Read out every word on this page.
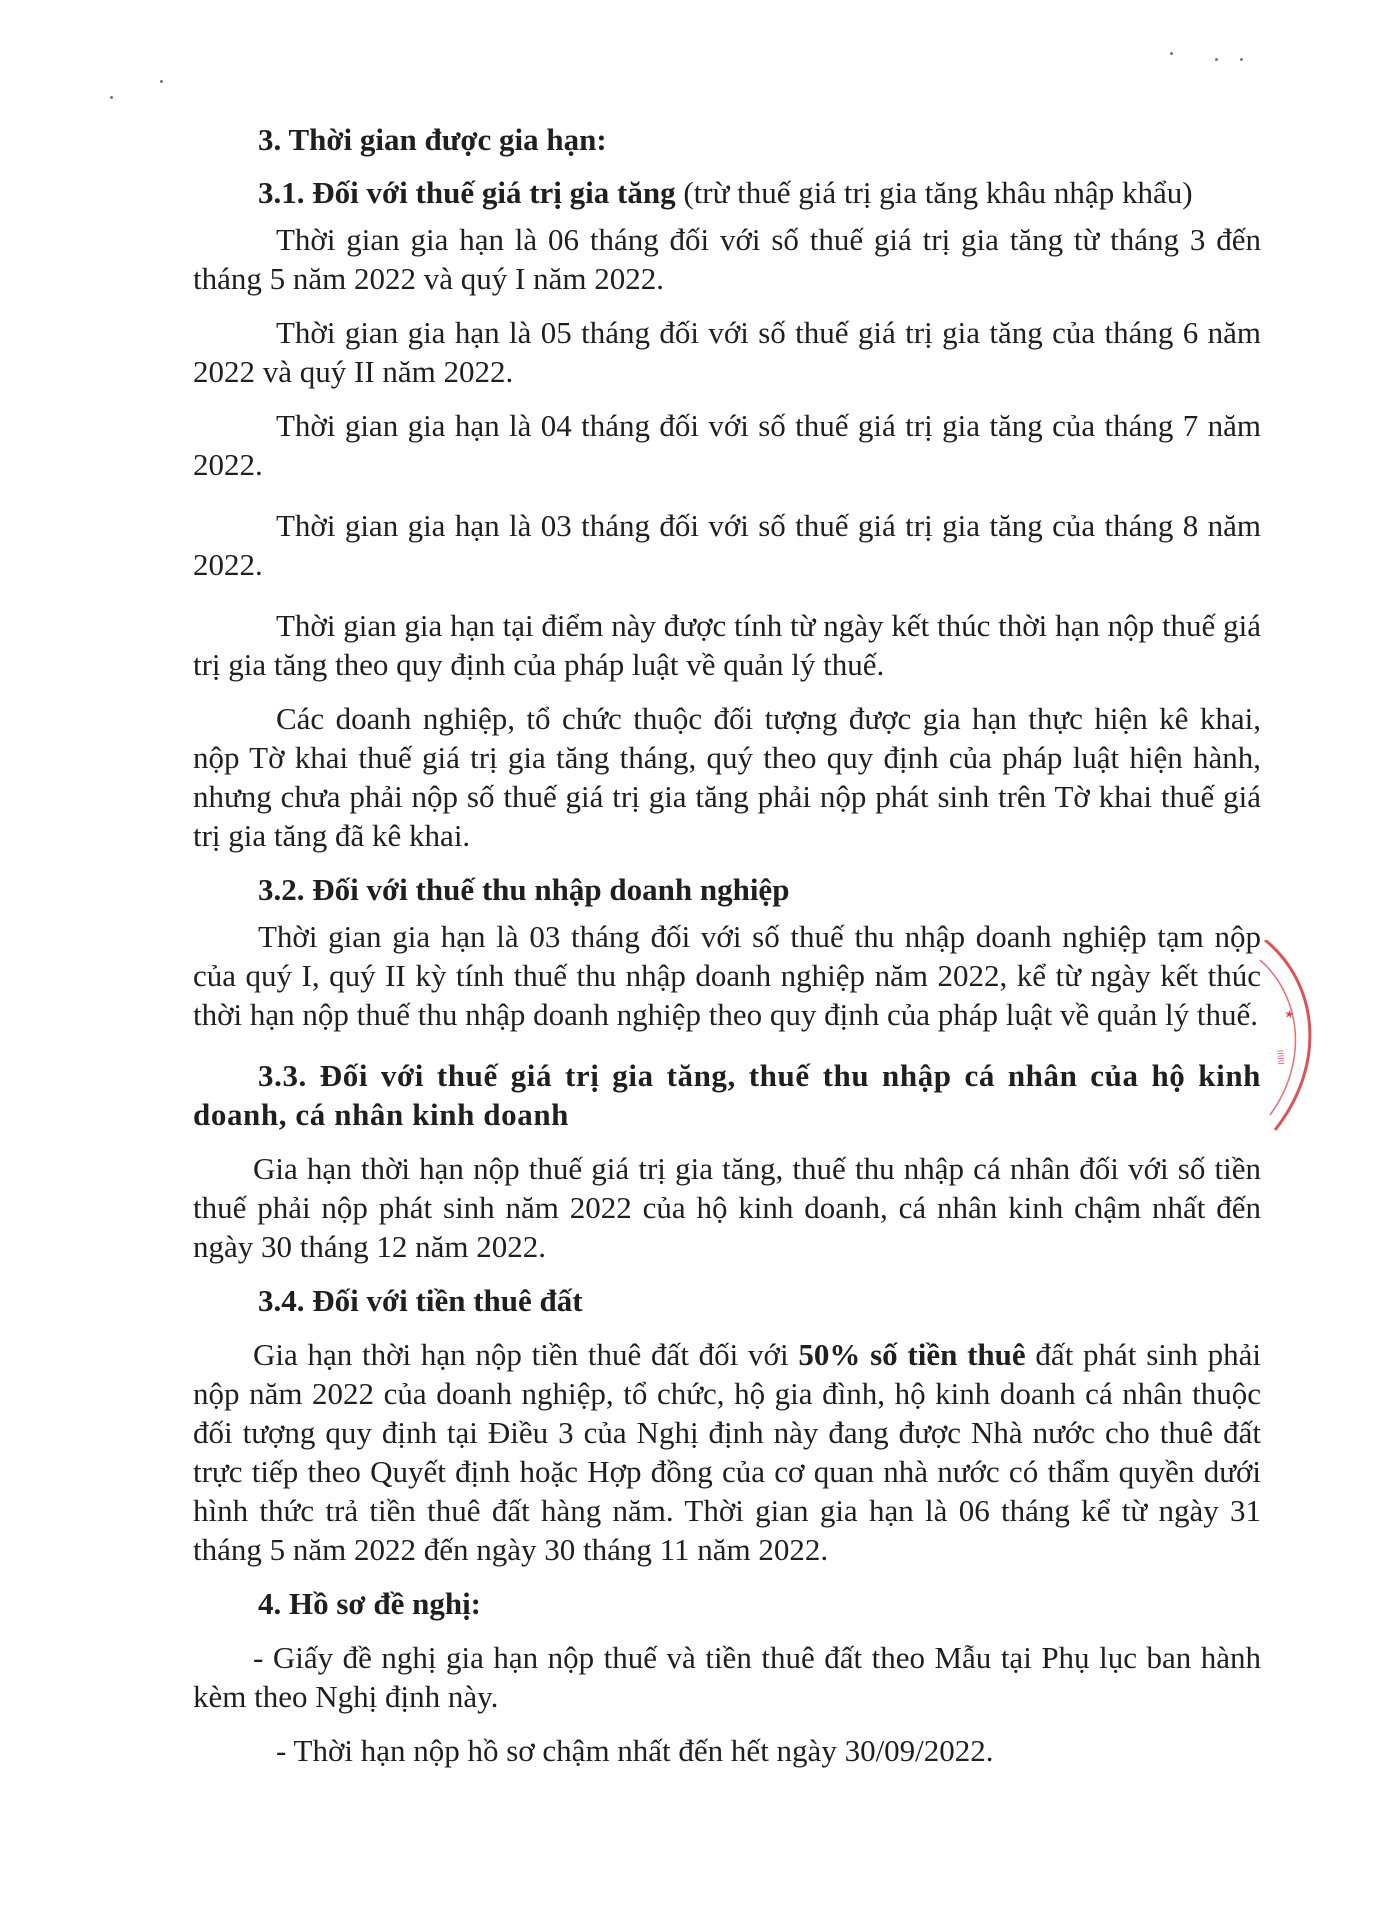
3. Thời gian được gia hạn:

3.1. Đối với thuế giá trị gia tăng (trừ thuế giá trị gia tăng khâu nhập khẩu)

Thời gian gia hạn là 06 tháng đối với số thuế giá trị gia tăng từ tháng 3 đến tháng 5 năm 2022 và quý I năm 2022.

Thời gian gia hạn là 05 tháng đối với số thuế giá trị gia tăng của tháng 6 năm 2022 và quý II năm 2022.

Thời gian gia hạn là 04 tháng đối với số thuế giá trị gia tăng của tháng 7 năm 2022.

Thời gian gia hạn là 03 tháng đối với số thuế giá trị gia tăng của tháng 8 năm 2022.

Thời gian gia hạn tại điểm này được tính từ ngày kết thúc thời hạn nộp thuế giá trị gia tăng theo quy định của pháp luật về quản lý thuế.

Các doanh nghiệp, tổ chức thuộc đối tượng được gia hạn thực hiện kê khai, nộp Tờ khai thuế giá trị gia tăng tháng, quý theo quy định của pháp luật hiện hành, nhưng chưa phải nộp số thuế giá trị gia tăng phải nộp phát sinh trên Tờ khai thuế giá trị gia tăng đã kê khai.

3.2. Đối với thuế thu nhập doanh nghiệp

Thời gian gia hạn là 03 tháng đối với số thuế thu nhập doanh nghiệp tạm nộp của quý I, quý II kỳ tính thuế thu nhập doanh nghiệp năm 2022, kể từ ngày kết thúc thời hạn nộp thuế thu nhập doanh nghiệp theo quy định của pháp luật về quản lý thuế.

3.3. Đối với thuế giá trị gia tăng, thuế thu nhập cá nhân của hộ kinh doanh, cá nhân kinh doanh

Gia hạn thời hạn nộp thuế giá trị gia tăng, thuế thu nhập cá nhân đối với số tiền thuế phải nộp phát sinh năm 2022 của hộ kinh doanh, cá nhân kinh chậm nhất đến ngày 30 tháng 12 năm 2022.

3.4. Đối với tiền thuê đất

Gia hạn thời hạn nộp tiền thuê đất đối với 50% số tiền thuê đất phát sinh phải nộp năm 2022 của doanh nghiệp, tổ chức, hộ gia đình, hộ kinh doanh cá nhân thuộc đối tượng quy định tại Điều 3 của Nghị định này đang được Nhà nước cho thuê đất trực tiếp theo Quyết định hoặc Hợp đồng của cơ quan nhà nước có thẩm quyền dưới hình thức trả tiền thuê đất hàng năm. Thời gian gia hạn là 06 tháng kể từ ngày 31 tháng 5 năm 2022 đến ngày 30 tháng 11 năm 2022.

4. Hồ sơ đề nghị:

- Giấy đề nghị gia hạn nộp thuế và tiền thuê đất theo Mẫu tại Phụ lục ban hành kèm theo Nghị định này.

- Thời hạn nộp hồ sơ chậm nhất đến hết ngày 30/09/2022.

★
IIIIII
